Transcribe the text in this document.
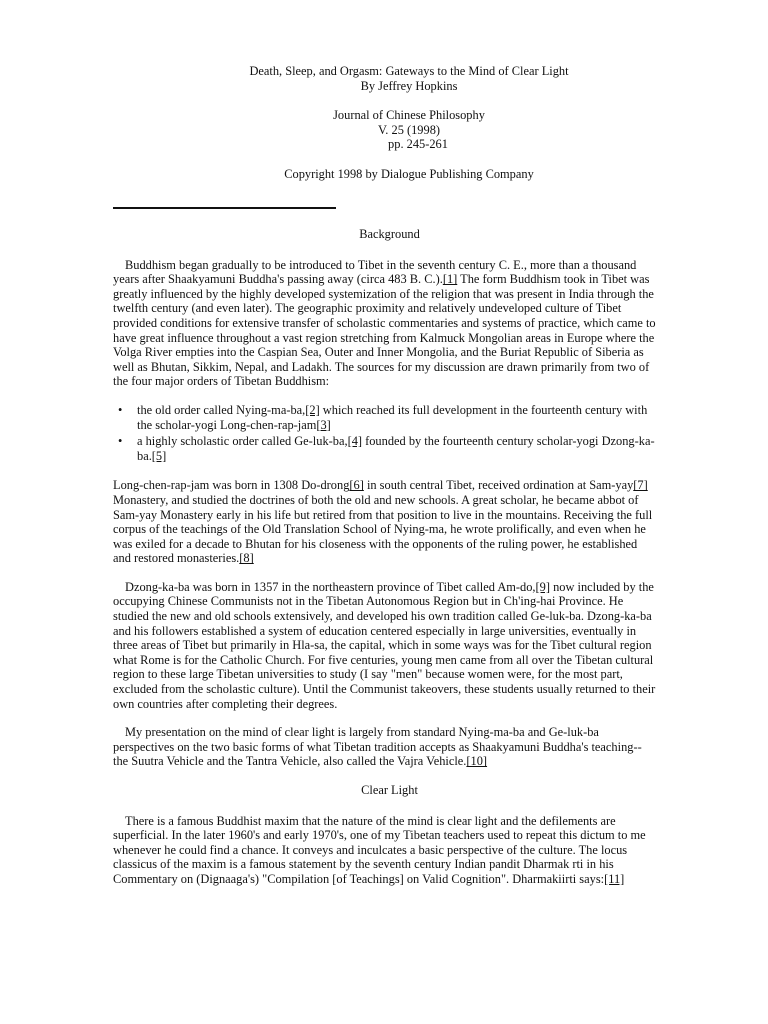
Death, Sleep, and Orgasm: Gateways to the Mind of Clear Light
By Jeffrey Hopkins
Journal of Chinese Philosophy
V. 25 (1998)
pp. 245-261
Copyright 1998 by Dialogue Publishing Company
Background

Buddhism began gradually to be introduced to Tibet in the seventh century C. E., more than a thousand years after Shaakyamuni Buddha's passing away (circa 483 B. C.).[1] The form Buddhism took in Tibet was greatly influenced by the highly developed systemization of the religion that was present in India through the twelfth century (and even later). The geographic proximity and relatively undeveloped culture of Tibet provided conditions for extensive transfer of scholastic commentaries and systems of practice, which came to have great influence throughout a vast region stretching from Kalmuck Mongolian areas in Europe where the Volga River empties into the Caspian Sea, Outer and Inner Mongolia, and the Buriat Republic of Siberia as well as Bhutan, Sikkim, Nepal, and Ladakh. The sources for my discussion are drawn primarily from two of the four major orders of Tibetan Buddhism:

• the old order called Nying-ma-ba,[2] which reached its full development in the fourteenth century with the scholar-yogi Long-chen-rap-jam[3]
• a highly scholastic order called Ge-luk-ba,[4] founded by the fourteenth century scholar-yogi Dzong-ka-ba.[5]

Long-chen-rap-jam was born in 1308 Do-drong[6] in south central Tibet, received ordination at Sam-yay[7] Monastery, and studied the doctrines of both the old and new schools. A great scholar, he became abbot of Sam-yay Monastery early in his life but retired from that position to live in the mountains. Receiving the full corpus of the teachings of the Old Translation School of Nying-ma, he wrote prolifically, and even when he was exiled for a decade to Bhutan for his closeness with the opponents of the ruling power, he established and restored monasteries.[8]

Dzong-ka-ba was born in 1357 in the northeastern province of Tibet called Am-do,[9] now included by the occupying Chinese Communists not in the Tibetan Autonomous Region but in Ch'ing-hai Province. He studied the new and old schools extensively, and developed his own tradition called Ge-luk-ba. Dzong-ka-ba and his followers established a system of education centered especially in large universities, eventually in three areas of Tibet but primarily in Hla-sa, the capital, which in some ways was for the Tibet cultural region what Rome is for the Catholic Church. For five centuries, young men came from all over the Tibetan cultural region to these large Tibetan universities to study (I say "men" because women were, for the most part, excluded from the scholastic culture). Until the Communist takeovers, these students usually returned to their own countries after completing their degrees.

My presentation on the mind of clear light is largely from standard Nying-ma-ba and Ge-luk-ba perspectives on the two basic forms of what Tibetan tradition accepts as Shaakyamuni Buddha's teaching--the Suutra Vehicle and the Tantra Vehicle, also called the Vajra Vehicle.[10]

Clear Light

There is a famous Buddhist maxim that the nature of the mind is clear light and the defilements are superficial. In the later 1960's and early 1970's, one of my Tibetan teachers used to repeat this dictum to me whenever he could find a chance. It conveys and inculcates a basic perspective of the culture. The locus classicus of the maxim is a famous statement by the seventh century Indian pandit Dharmak rti in his Commentary on (Dignaaga's) "Compilation [of Teachings] on Valid Cognition". Dharmakiirti says:[11]
